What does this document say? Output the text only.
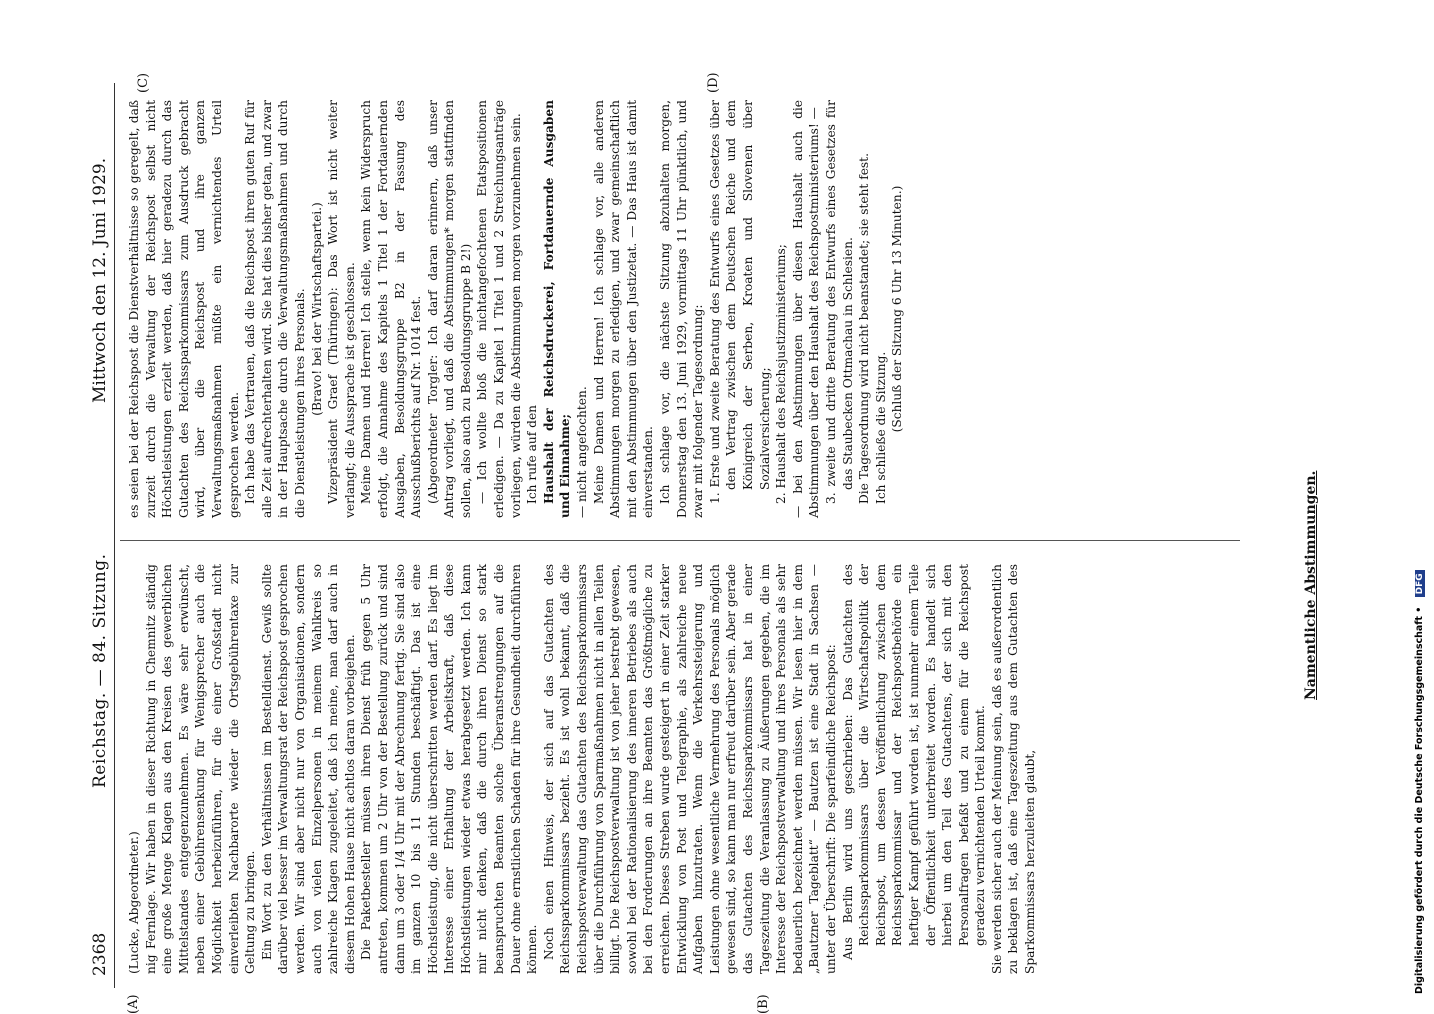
2368
Reichstag. — 84. Sitzung.
Mittwoch den 12. Juni 1929.
(A)	(B)
(C)	(D)

(Lucke, Abgeordneter.) nig Fernlage. Wir haben in dieser Richtung in Chemnitz ständig eine große Menge Klagen aus den Kreisen des gewerblichen Mittelstandes entgegenzunehmen. Es wäre sehr erwünscht, neben einer Gebührensenkung für Wenigsprecher auch die Möglichkeit herbeizuführen, für die einer Großstadt nicht einverleibten Nachbarorte wieder die Ortsgebührentaxe zur Geltung zu bringen. Ein Wort zu den Verhältnissen im Bestelldienst. Gewiß sollte darüber viel besser im Verwaltungsrat der Reichspost gesprochen werden. Wir sind aber nicht nur von Organisationen, sondern auch von vielen Einzelpersonen in meinem Wahlkreis so zahlreiche Klagen zugeleitet, daß ich meine, man darf auch in diesem Hohen Hause nicht achtlos daran vorbeigehen. Die Paketbesteller müssen ihren Dienst früh gegen 5 Uhr antreten, kommen um 2 Uhr von der Bestellung zurück und sind dann um 3 oder 1/4 Uhr mit der Abrechnung fertig. Sie sind also im ganzen 10 bis 11 Stunden beschäftigt. Das ist eine Höchstleistung, die nicht überschritten werden darf. Es liegt im Interesse einer Erhaltung der Arbeitskraft, daß diese Höchstleistungen wieder etwas herabgesetzt werden. Ich kann mir nicht denken, daß die durch ihren Dienst so stark beanspruchten Beamten solche Überanstrengungen auf die Dauer ohne ernstlichen Schaden für ihre Gesundheit durchführen können. Noch einen Hinweis, der sich auf das Gutachten des Reichssparkommissars bezieht. Es ist wohl bekannt, daß die Reichspostverwaltung das Gutachten des Reichssparkommissars über die Durchführung von Sparmaßnahmen nicht in allen Teilen billigt. Die Reichspostverwaltung ist von jeher bestrebt gewesen, sowohl bei der Rationalisierung des inneren Betriebes als auch bei den Forderungen an ihre Beamten das Größtmögliche zu erreichen. Dieses Streben wurde gesteigert in einer Zeit starker Entwicklung von Post und Telegraphie, als zahlreiche neue Aufgaben hinzutraten. Wenn die Verkehrssteigerung und Leistungen ohne wesentliche Vermehrung des Personals möglich gewesen sind, so kann man nur erfreut darüber sein. Aber gerade das Gutachten des Reichssparkommissars hat in einer Tageszeitung die Veranlassung zu Äußerungen gegeben, die im Interesse der Reichspostverwaltung und ihres Personals als sehr bedauerlich bezeichnet werden müssen. Wir lesen hier in dem „Bautzner Tageblatt“ — Bautzen ist eine Stadt in Sachsen — unter der Überschrift: Die sparfeindliche Reichspost: Aus Berlin wird uns geschrieben: Das Gutachten des Reichssparkommissars über die Wirtschaftspolitik der Reichspost, um dessen Veröffentlichung zwischen dem Reichssparkommissar und der Reichspostbehörde ein heftiger Kampf geführt worden ist, ist nunmehr einem Teile der Öffentlichkeit unterbreitet worden. Es handelt sich hierbei um den Teil des Gutachtens, der sich mit den Personalfragen befaßt und zu einem für die Reichspost geradezu vernichtenden Urteil kommt. Sie werden sicher auch der Meinung sein, daß es außerordentlich zu beklagen ist, daß eine Tageszeitung aus dem Gutachten des Sparkommissars herzuleiten glaubt,

es seien bei der Reichspost die Dienstverhältnisse so geregelt, daß zurzeit durch die Verwaltung der Reichspost selbst nicht Höchstleistungen erzielt werden, daß hier geradezu durch das Gutachten des Reichssparkommissars zum Ausdruck gebracht wird, über die Reichspost und ihre ganzen Verwaltungsmaßnahmen müßte ein vernichtendes Urteil gesprochen werden. Ich habe das Vertrauen, daß die Reichspost ihren guten Ruf für alle Zeit aufrechterhalten wird. Sie hat dies bisher getan, und zwar in der Hauptsache durch die Verwaltungsmaßnahmen und durch die Dienstleistungen ihres Personals. (Bravo! bei der Wirtschaftspartei.) Vizepräsident Graef (Thüringen): Das Wort ist nicht weiter verlangt; die Aussprache ist geschlossen. Meine Damen und Herren! Ich stelle, wenn kein Widerspruch erfolgt, die Annahme des Kapitels 1 Titel 1 der Fortdauernden Ausgaben, Besoldungsgruppe B2 in der Fassung des Ausschußberichts auf Nr. 1014 fest. (Abgeordneter Torgler: Ich darf daran erinnern, daß unser Antrag vorliegt, und daß die Abstimmungen* morgen stattfinden sollen, also auch zu Besoldungsgruppe B 2!) — Ich wollte bloß die nichtangefochtenen Etatspositionen erledigen. — Da zu Kapitel 1 Titel 1 und 2 Streichungsanträge vorliegen, würden die Abstimmungen morgen vorzunehmen sein. Ich rufe auf den Haushalt der Reichsdruckerei, Fortdauernde Ausgaben und Einnahme; — nicht angefochten. Meine Damen und Herren! Ich schlage vor, alle anderen Abstimmungen morgen zu erledigen, und zwar gemeinschaftlich mit den Abstimmungen über den Justizetat. — Das Haus ist damit einverstanden. Ich schlage vor, die nächste Sitzung abzuhalten morgen, Donnerstag den 13. Juni 1929, vormittags 11 Uhr pünktlich, und zwar mit folgender Tagesordnung: 1. Erste und zweite Beratung des Entwurfs eines Gesetzes über den Vertrag zwischen dem Deutschen Reiche und dem Königreich der Serben, Kroaten und Slovenen über Sozialversicherung; 2. Haushalt des Reichsjustizministeriums; — bei den Abstimmungen über diesen Haushalt auch die Abstimmungen über den Haushalt des Reichspostministeriums! — 3. zweite und dritte Beratung des Entwurfs eines Gesetzes für das Staubecken Ottmachau in Schlesien. Die Tagesordnung wird nicht beanstandet; sie steht fest. Ich schließe die Sitzung. (Schluß der Sitzung 6 Uhr 13 Minuten.)

Namentliche Abstimmungen.
Digitalisierung gefördert durch die Deutsche Forschungsgemeinschaft • DFG
